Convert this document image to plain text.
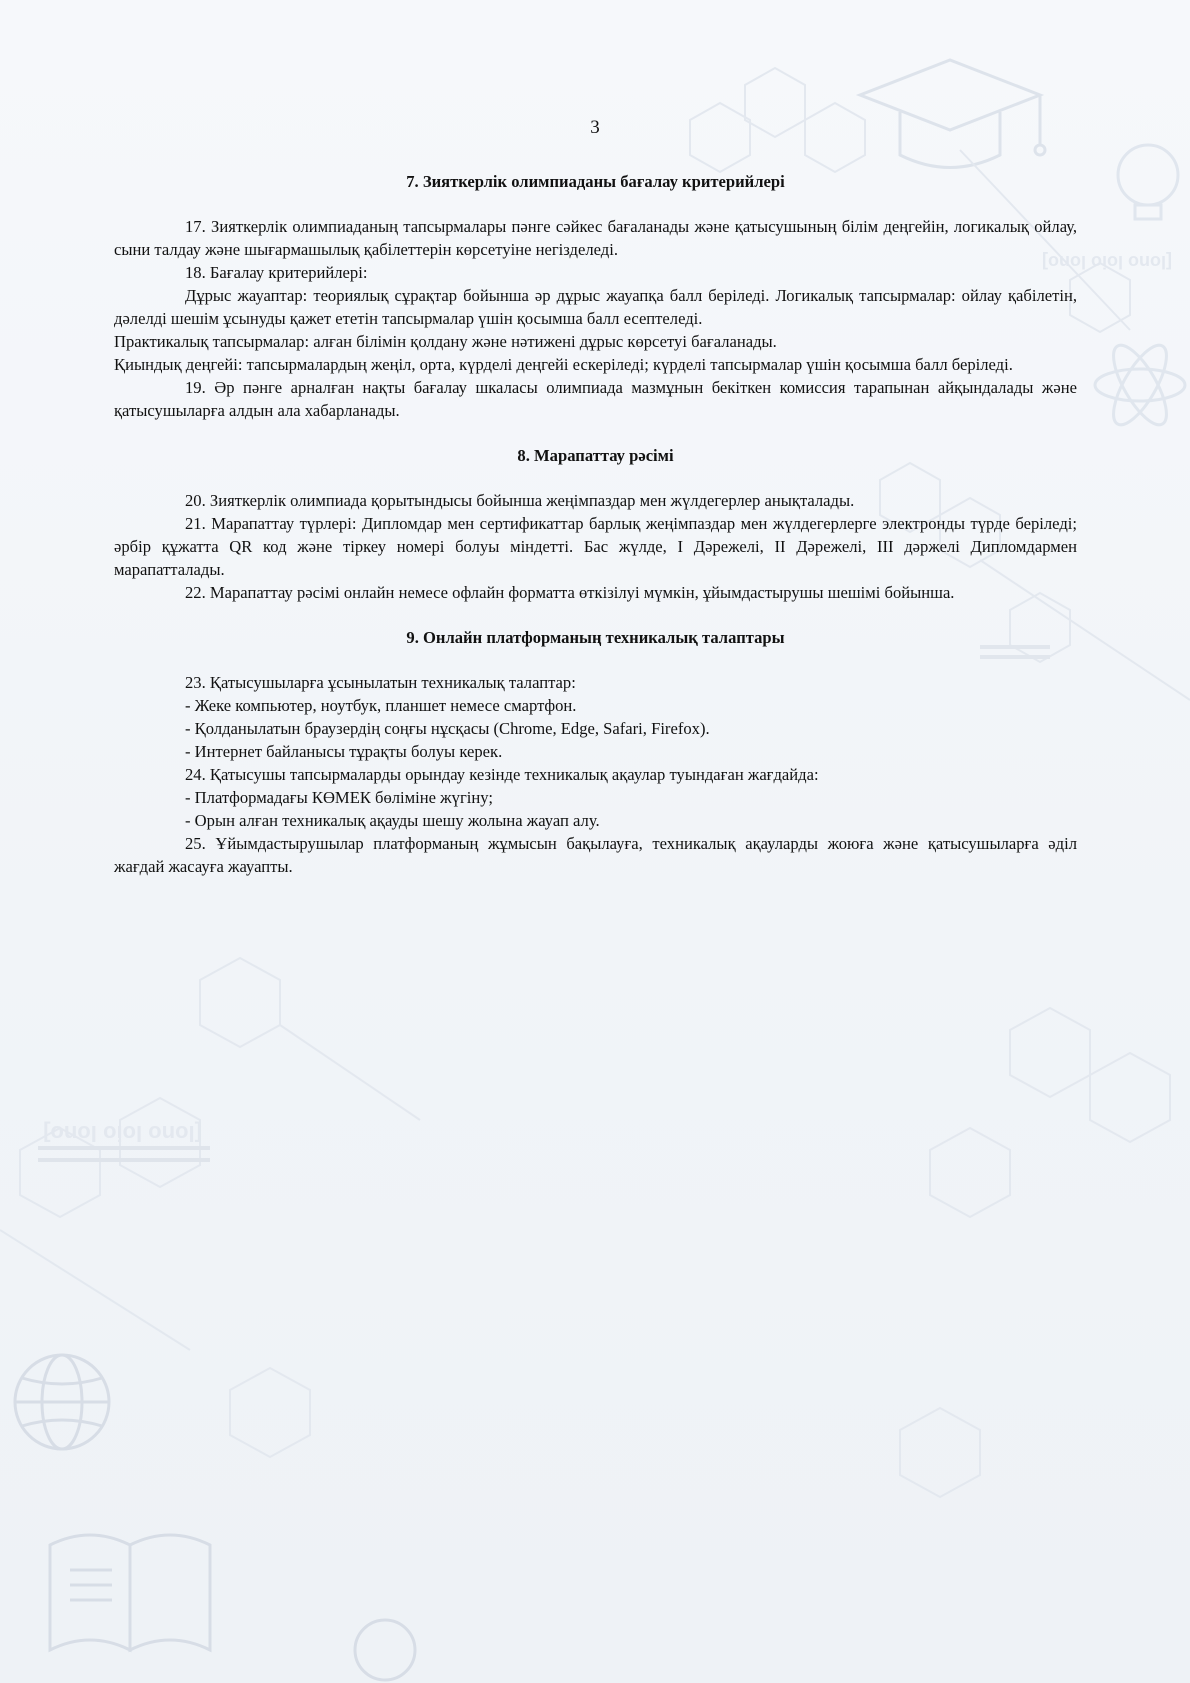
[lono loio lono]
[lono loio lono]
3
7. Зияткерлік олимпиаданы бағалау критерийлері

17. Зияткерлік олимпиаданың тапсырмалары пәнге сәйкес бағаланады және қатысушының білім деңгейін, логикалық ойлау, сыни талдау және шығармашылық қабілеттерін көрсетуіне негізделеді.

18. Бағалау критерийлері:

Дұрыс жауаптар: теориялық сұрақтар бойынша әр дұрыс жауапқа балл беріледі. Логикалық тапсырмалар: ойлау қабілетін, дәлелді шешім ұсынуды қажет ететін тапсырмалар үшін қосымша балл есептеледі.

Практикалық тапсырмалар: алған білімін қолдану және нәтижені дұрыс көрсетуі бағаланады.

Қиындық деңгейі: тапсырмалардың жеңіл, орта, күрделі деңгейі ескеріледі; күрделі тапсырмалар үшін қосымша балл беріледі.

19. Әр пәнге арналған нақты бағалау шкаласы олимпиада мазмұнын бекіткен комиссия тарапынан айқындалады және қатысушыларға алдын ала хабарланады.

8. Марапаттау рәсімі

20. Зияткерлік олимпиада қорытындысы бойынша жеңімпаздар мен жүлдегерлер анықталады.

21. Марапаттау түрлері: Дипломдар мен сертификаттар барлық жеңімпаздар мен жүлдегерлерге электронды түрде беріледі; әрбір құжатта QR код және тіркеу номері болуы міндетті. Бас жүлде, І Дәрежелі, ІІ Дәрежелі, ІІІ дәржелі Дипломдармен марапатталады.

22. Марапаттау рәсімі онлайн немесе офлайн форматта өткізілуі мүмкін, ұйымдастырушы шешімі бойынша.

9. Онлайн платформаның техникалық талаптары

23. Қатысушыларға ұсынылатын техникалық талаптар:

- Жеке компьютер, ноутбук, планшет немесе смартфон.

- Қолданылатын браузердің соңғы нұсқасы (Chrome, Edge, Safari, Firefox).

- Интернет байланысы тұрақты болуы керек.

24. Қатысушы тапсырмаларды орындау кезінде техникалық ақаулар туындаған жағдайда:

- Платформадағы КӨМЕК бөліміне жүгіну;

- Орын алған техникалық ақауды шешу жолына жауап алу.

25. Ұйымдастырушылар платформаның жұмысын бақылауға, техникалық ақауларды жоюға және қатысушыларға әділ жағдай жасауға жауапты.
